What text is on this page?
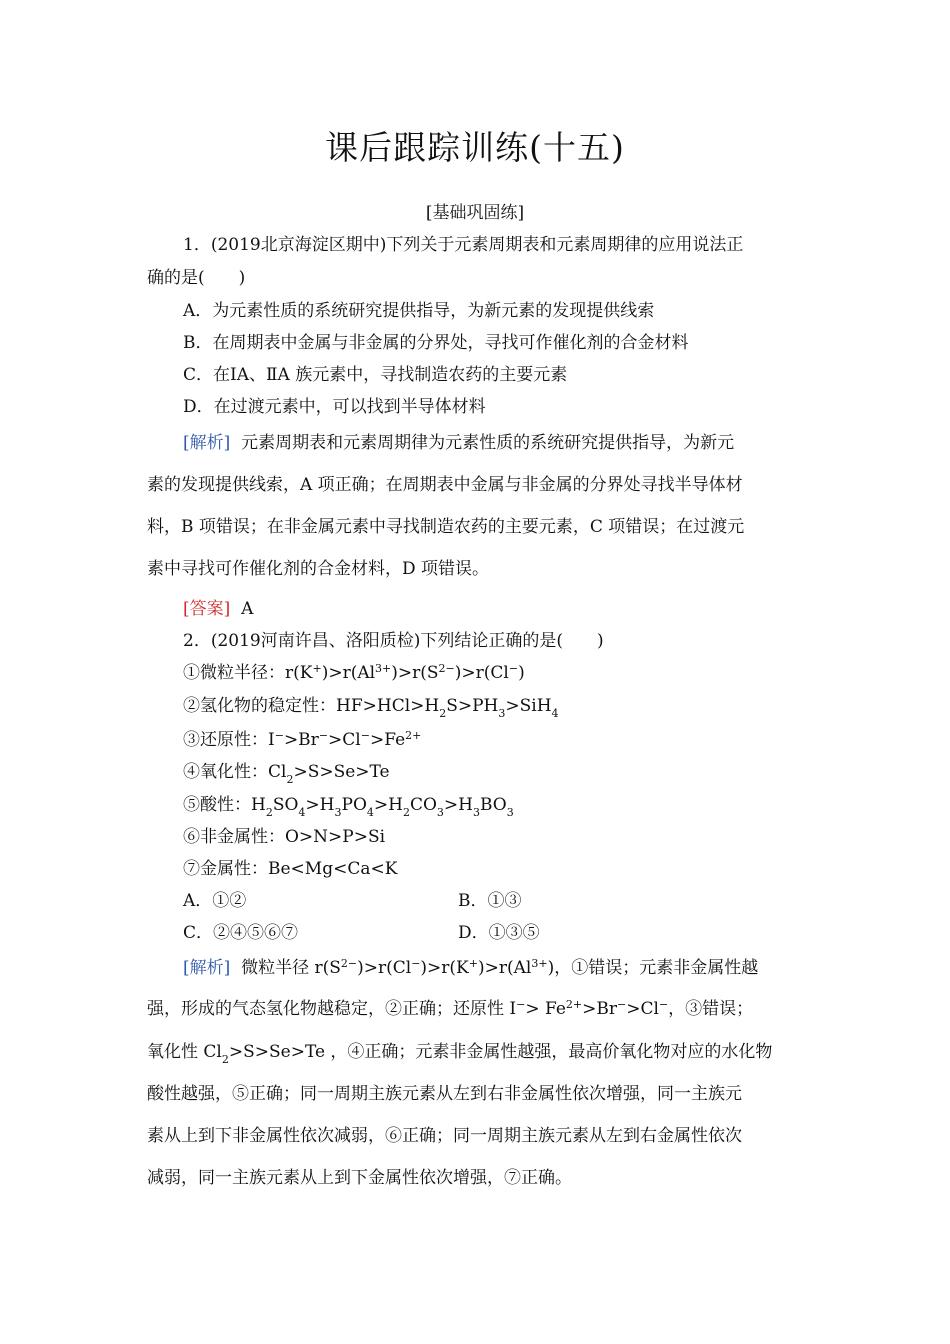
课后跟踪训练(十五)
[基础巩固练]
1．(2019北京海淀区期中)下列关于元素周期表和元素周期律的应用说法正
确的是(　　)
A．为元素性质的系统研究提供指导，为新元素的发现提供线索
B．在周期表中金属与非金属的分界处，寻找可作催化剂的合金材料
C．在ⅠA、ⅡA 族元素中，寻找制造农药的主要元素
D．在过渡元素中，可以找到半导体材料
[解析] 元素周期表和元素周期律为元素性质的系统研究提供指导，为新元
素的发现提供线索，A 项正确；在周期表中金属与非金属的分界处寻找半导体材
料，B 项错误；在非金属元素中寻找制造农药的主要元素，C 项错误；在过渡元
素中寻找可作催化剂的合金材料，D 项错误。
[答案] A
2．(2019河南许昌、洛阳质检)下列结论正确的是(　　)
①微粒半径：$r(K^+)>r(Al^{3+})>r(S^{2-})>r(Cl^-)$
②氢化物的稳定性：$HF>HCl>H_2S>PH_3>SiH_4$
③还原性：$I^->Br^->Cl^->Fe^{2+}$
④氧化性：$Cl_2>S>Se>Te$
⑤酸性：$H_2SO_4>H_3PO_4>H_2CO_3>H_3BO_3$
⑥非金属性：O>N>P>Si
⑦金属性：Be<Mg<Ca<K
A．①②	B．①③
C．②④⑤⑥⑦	D．①③⑤
[解析] 微粒半径 $r(S^{2-})>r(Cl^-)>r(K^+)>r(Al^{3+})$，①错误；元素非金属性越
强，形成的气态氢化物越稳定，②正确；还原性 $I^-> Fe^{2+}>Br^->Cl^-$，③错误；
氧化性 $Cl_2>S>Se>Te$ ，④正确；元素非金属性越强，最高价氧化物对应的水化物
酸性越强，⑤正确；同一周期主族元素从左到右非金属性依次增强，同一主族元
素从上到下非金属性依次减弱，⑥正确；同一周期主族元素从左到右金属性依次
减弱，同一主族元素从上到下金属性依次增强，⑦正确。
